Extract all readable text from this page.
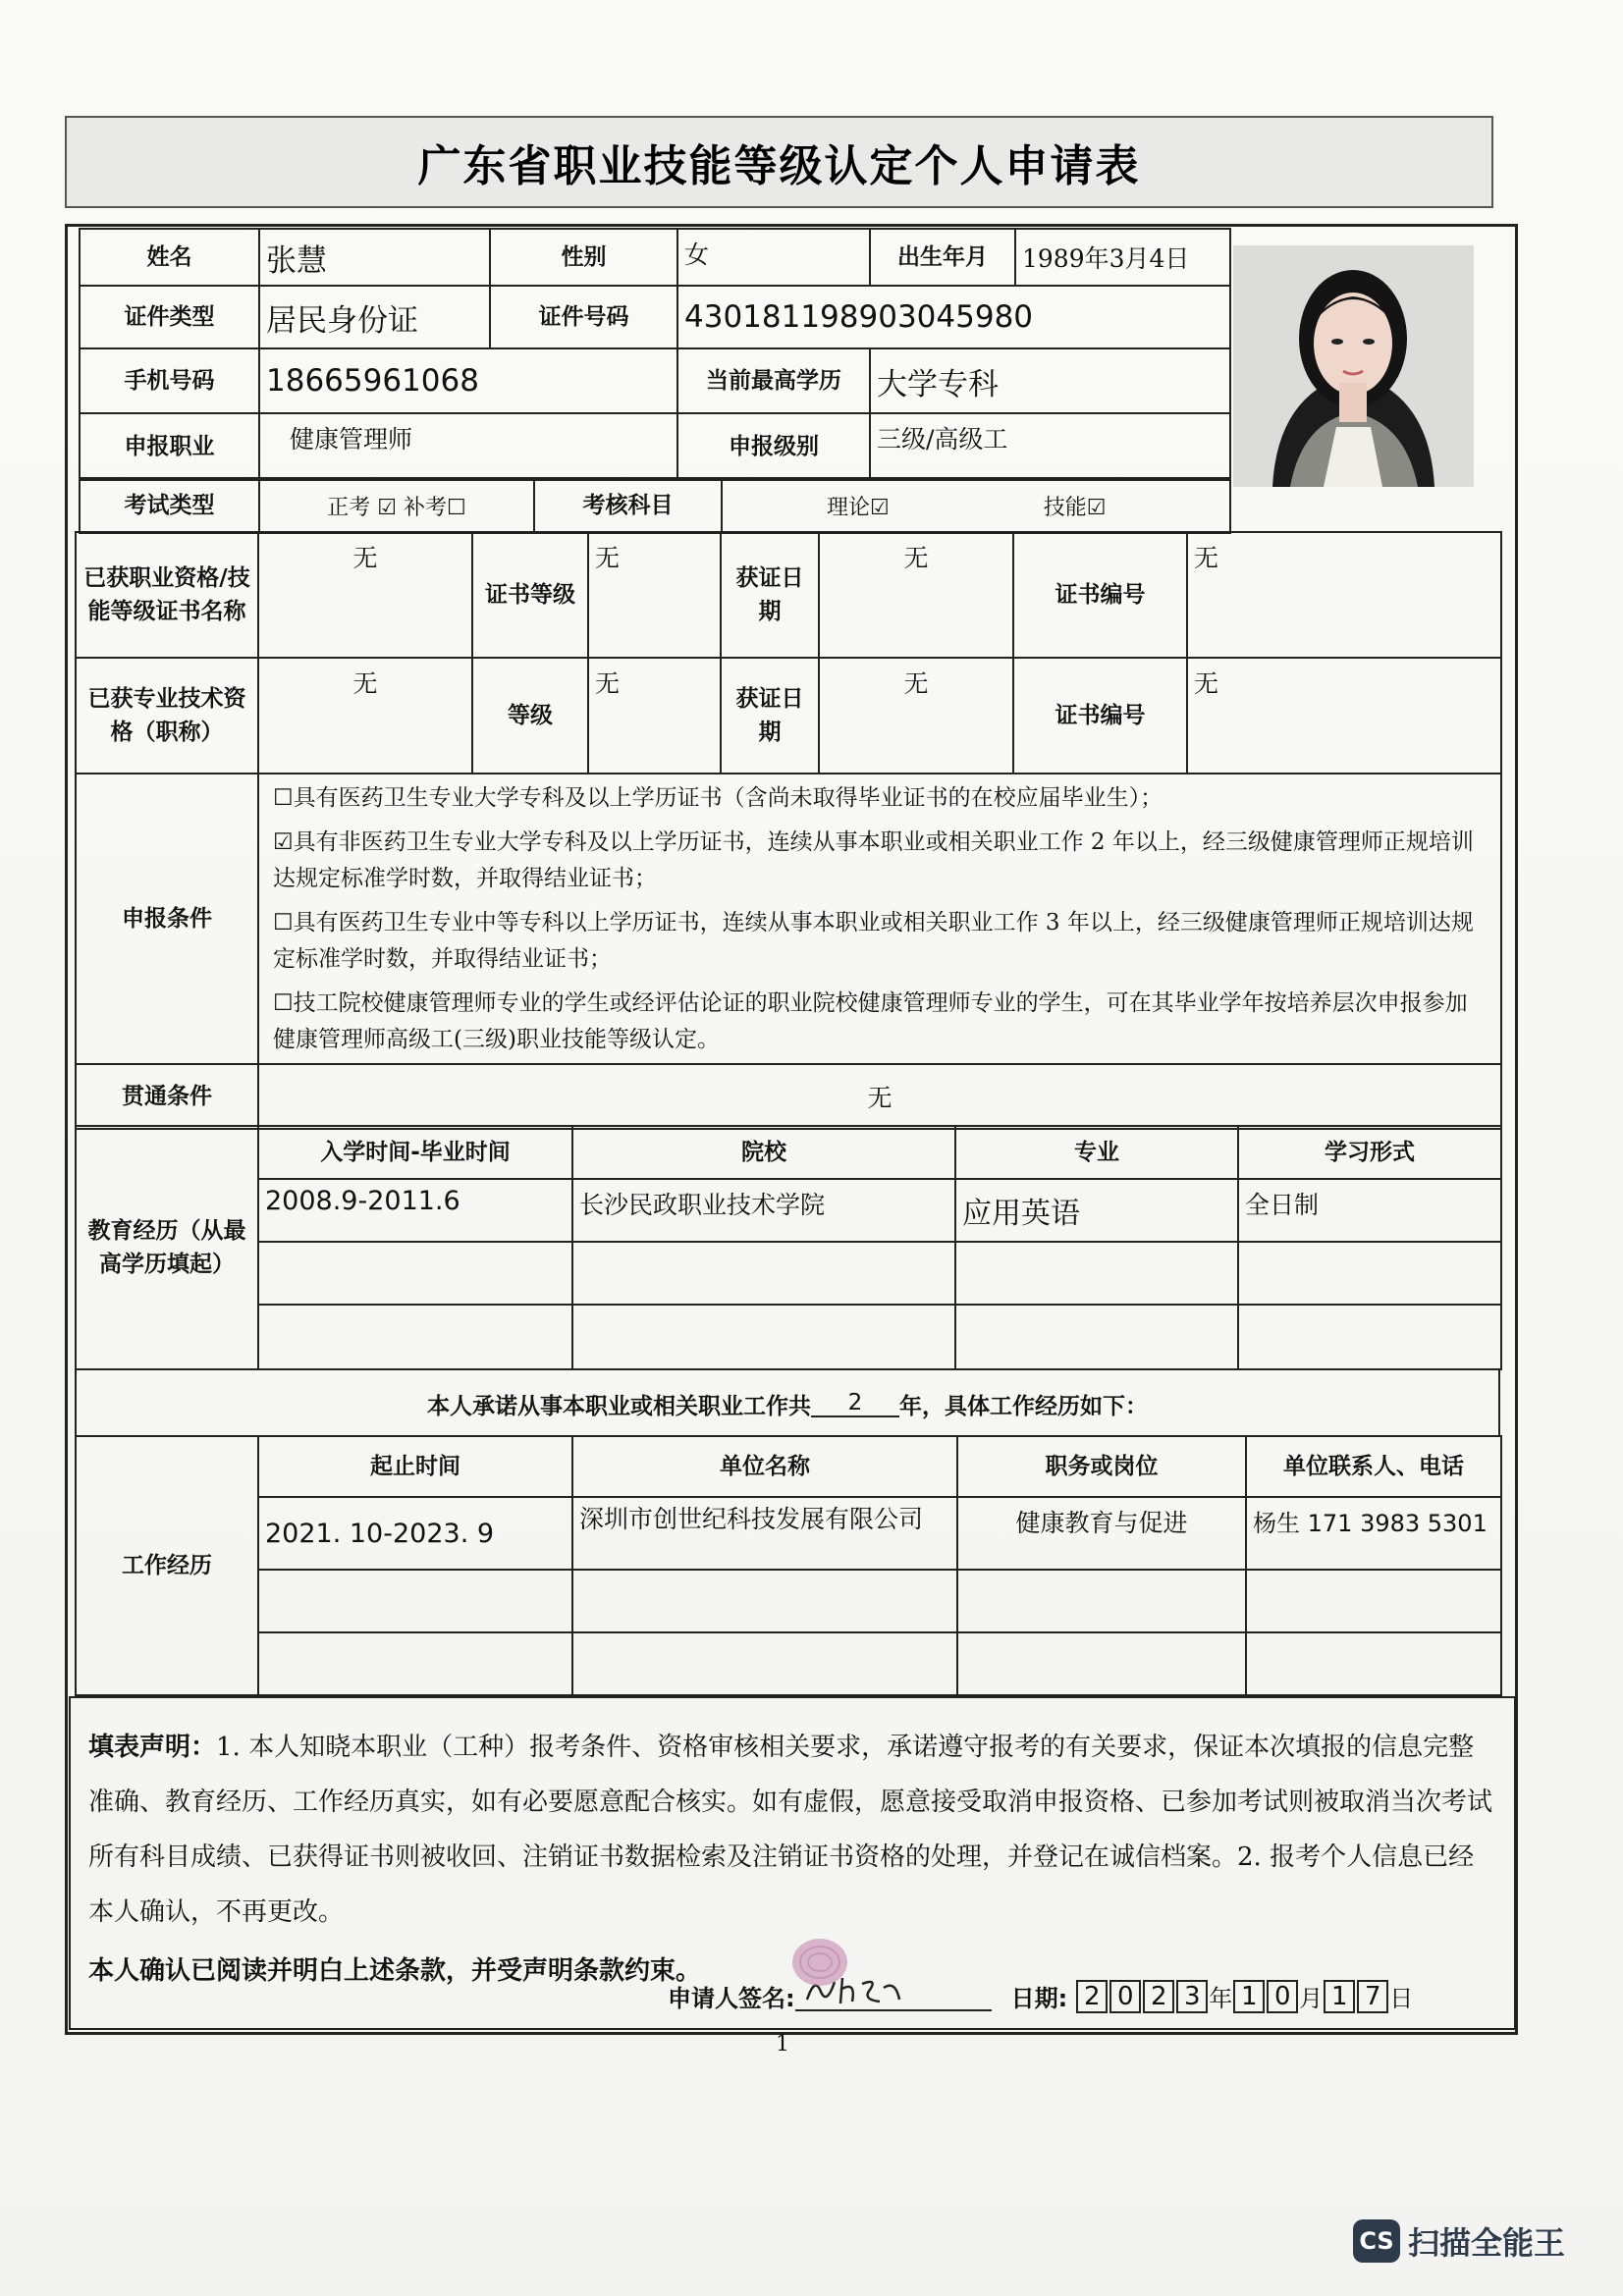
广东省职业技能等级认定个人申请表
姓名	张慧	性别	女	出生年月	1989年3月4日
证件类型	居民身份证	证件号码	430181198903045980		
手机号码	18665961068		当前最高学历	大学专科	
申报职业	健康管理师		申报级别	三级/高级工	
考试类型	正考 ☑ 补考☐	考核科目	理论☑	技能☑
已获职业资格/技能等级证书名称	无	证书等级	无	获证日期	无	证书编号	无
已获专业技术资格（职称）	无	等级	无	获证日期	无	证书编号	无
申报条件	☐具有医药卫生专业大学专科及以上学历证书（含尚未取得毕业证书的在校应届毕业生）；

☑具有非医药卫生专业大学专科及以上学历证书，连续从事本职业或相关职业工作 2 年以上，经三级健康管理师正规培训达规定标准学时数，并取得结业证书；

☐具有医药卫生专业中等专科以上学历证书，连续从事本职业或相关职业工作 3 年以上，经三级健康管理师正规培训达规定标准学时数，并取得结业证书；

☐技工院校健康管理师专业的学生或经评估论证的职业院校健康管理师专业的学生，可在其毕业学年按培养层次申报参加健康管理师高级工(三级)职业技能等级认定。						

贯通条件	无						
教育经历（从最高学历填起）	入学时间-毕业时间	院校	专业	学习形式
	2008.9-2011.6	长沙民政职业技术学院	应用英语	全日制

本人承诺从事本职业或相关职业工作共	2	年，具体工作经历如下：
工作经历	起止时间	单位名称	职务或岗位	单位联系人、电话
	2021. 10-2023. 9	深圳市创世纪科技发展有限公司	健康教育与促进	杨生 171 3983 5301

填表声明：1. 本人知晓本职业（工种）报考条件、资格审核相关要求，承诺遵守报考的有关要求，保证本次填报的信息完整准确、教育经历、工作经历真实，如有必要愿意配合核实。如有虚假，愿意接受取消申报资格、已参加考试则被取消当次考试所有科目成绩、已获得证书则被收回、注销证书数据检索及注销证书资格的处理，并登记在诚信档案。2. 报考个人信息已经本人确认，不再更改。
本人确认已阅读并明白上述条款，并受声明条款约束。
申请人签名:	日期: 2 0 2 3 年 1 0 月 1 7 日
1
CS 扫描全能王
